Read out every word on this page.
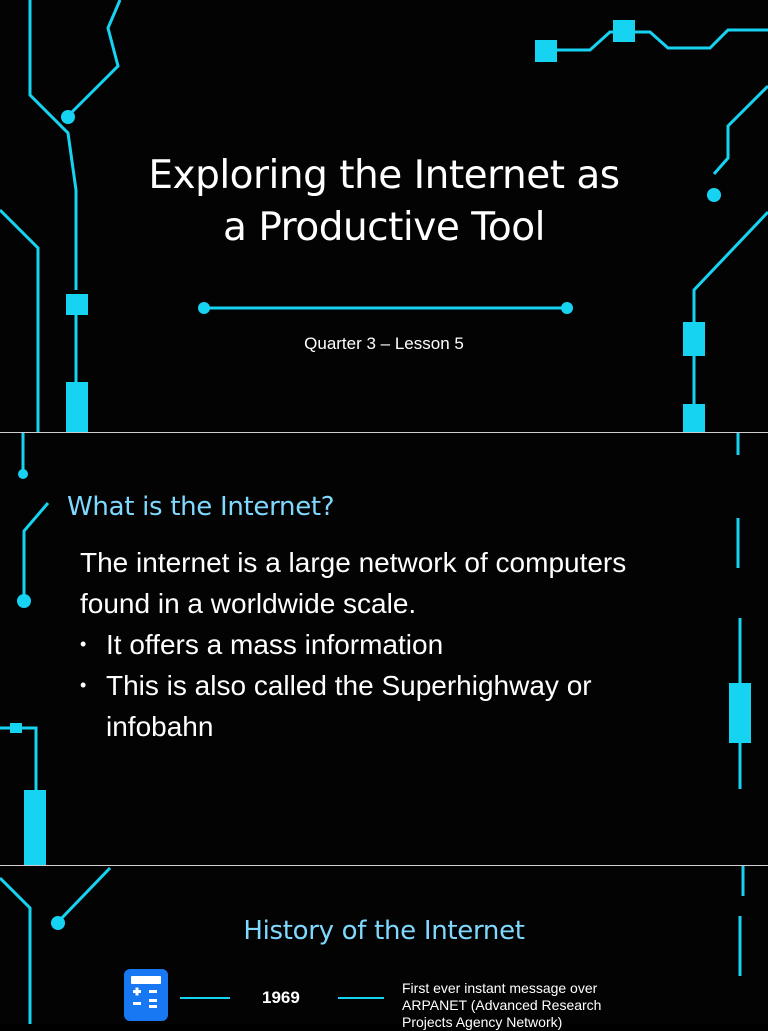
Exploring the Internet as
a Productive Tool
Quarter 3 – Lesson 5
What is the Internet?
The internet is a large network of computers found in a worldwide scale.
• It offers a mass information
• This is also called the Superhighway or infobahn
History of the Internet
1969	First ever instant message over ARPANET (Advanced Research Projects Agency Network)
